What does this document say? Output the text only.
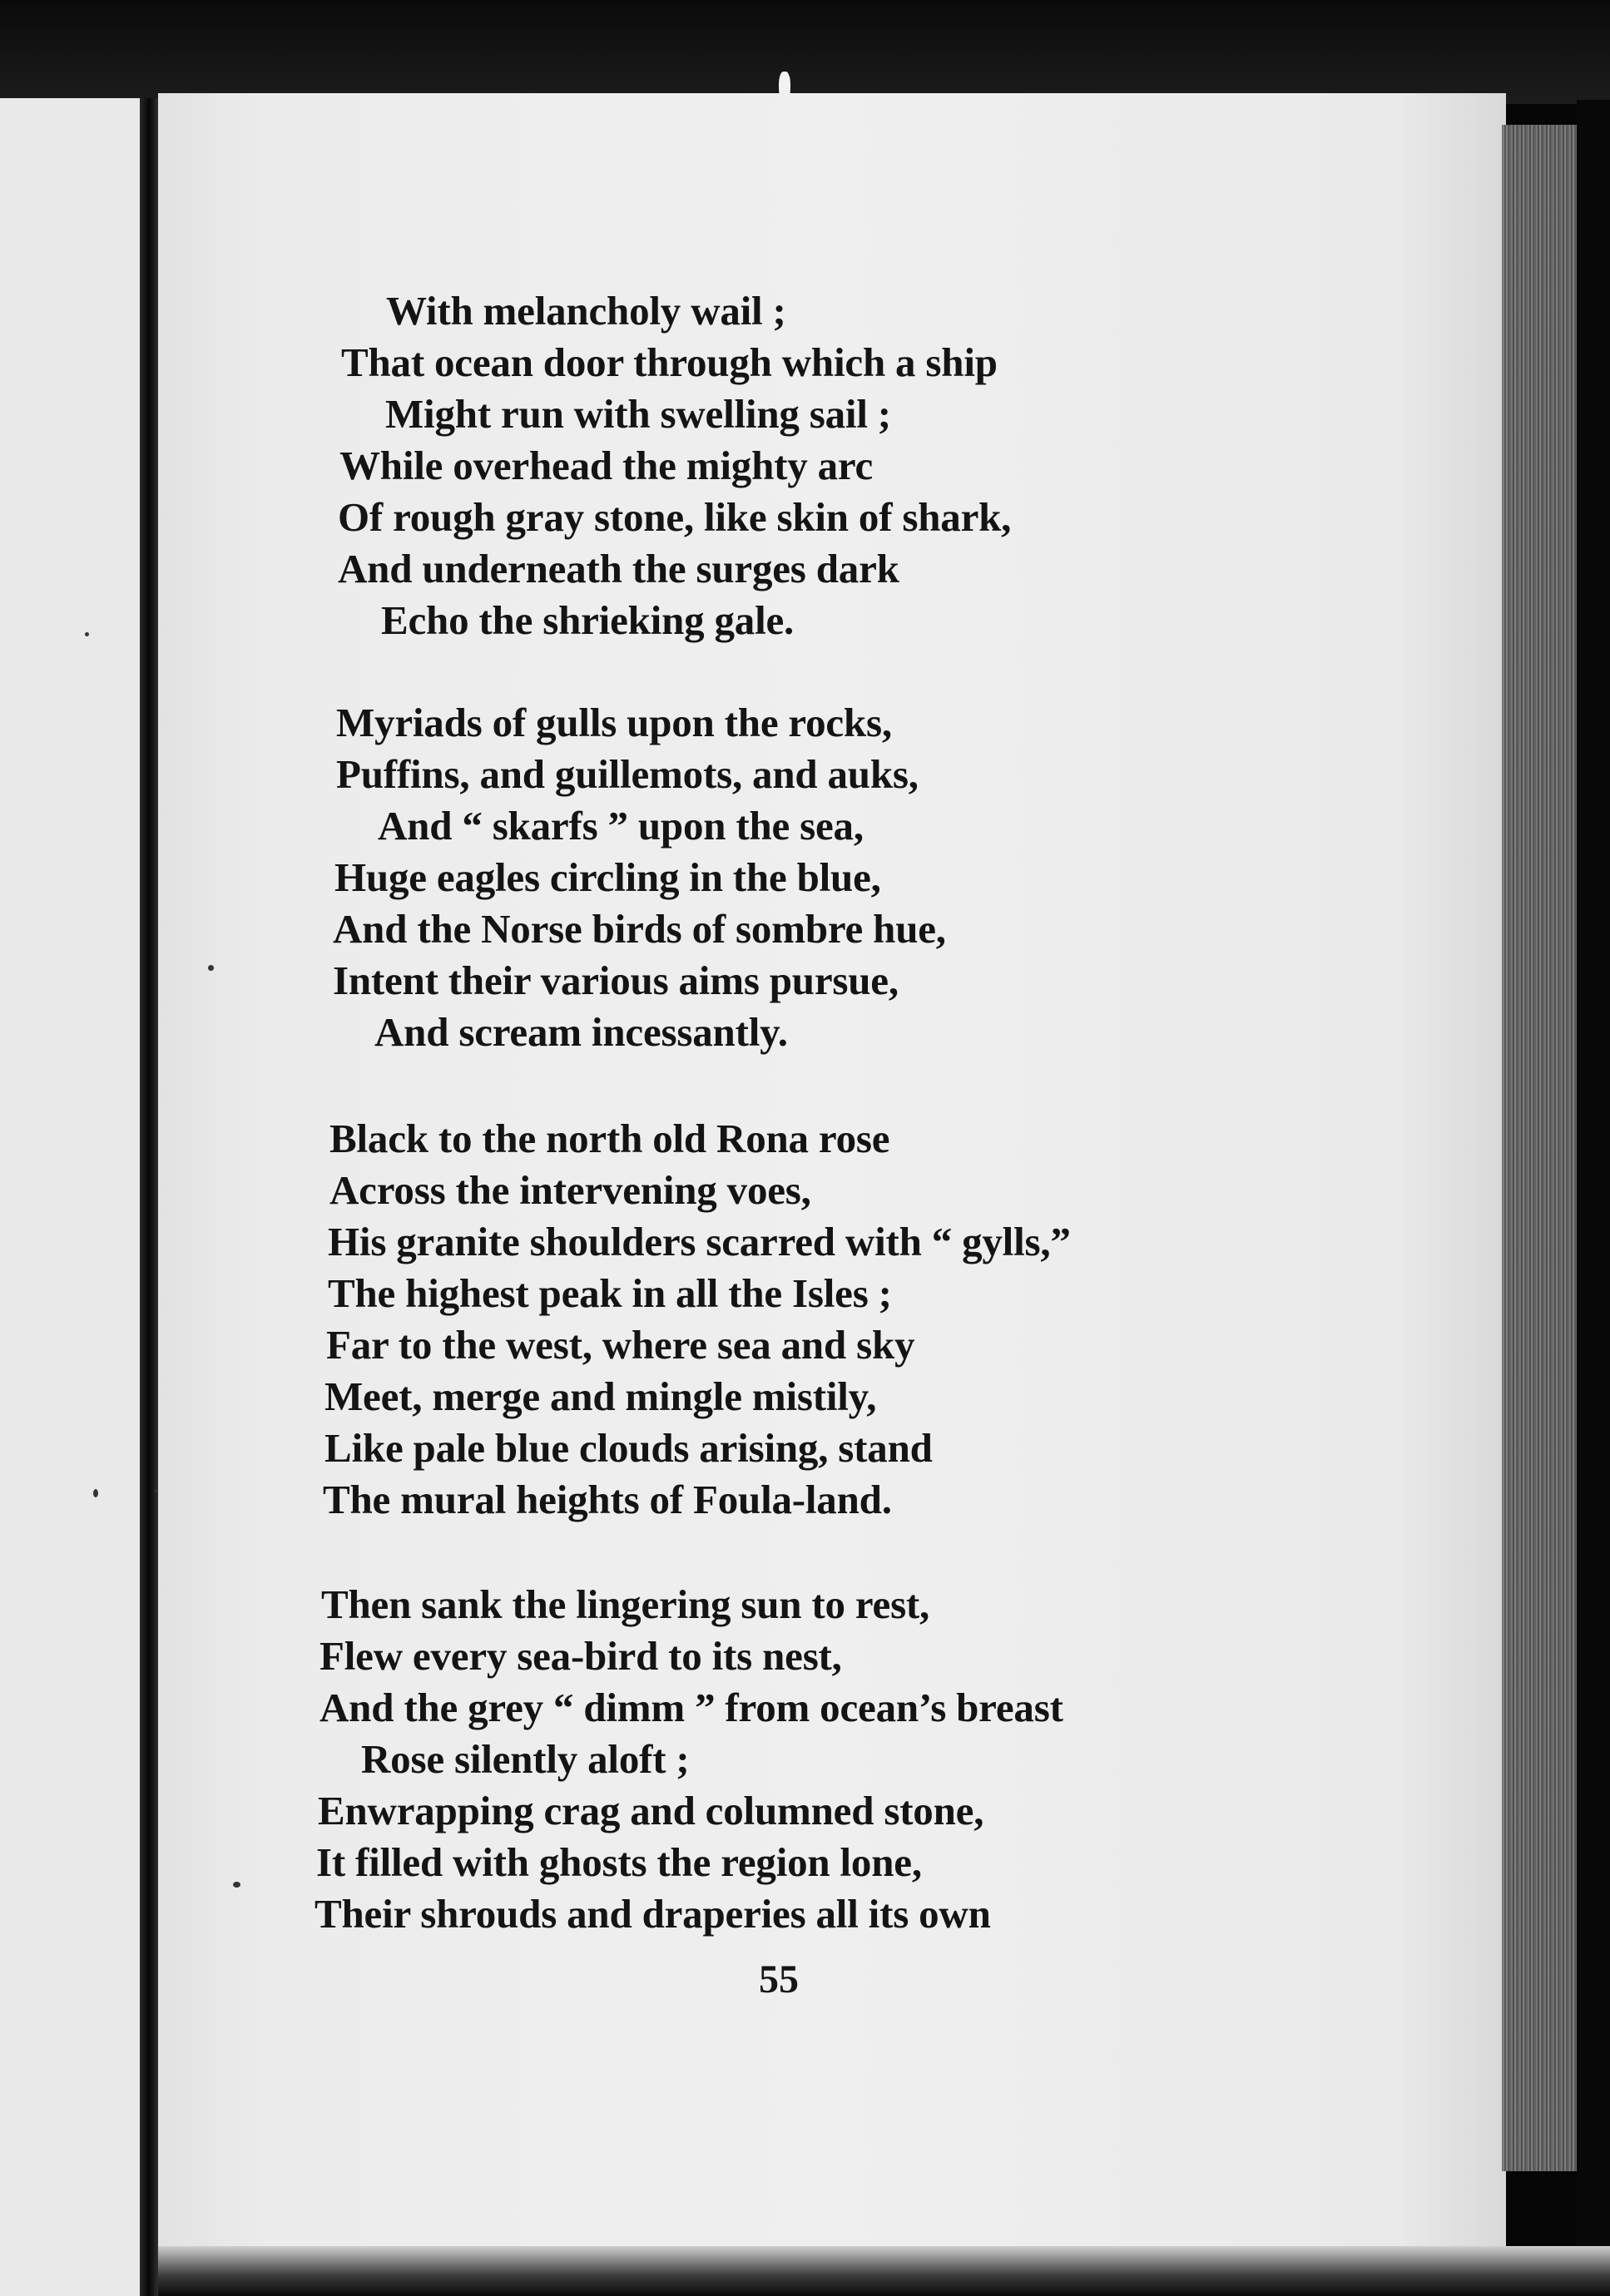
With melancholy wail ;
That ocean door through which a ship
Might run with swelling sail ;
While overhead the mighty arc
Of rough gray stone, like skin of shark,
And underneath the surges dark
Echo the shrieking gale.
Myriads of gulls upon the rocks,
Puffins, and guillemots, and auks,
And “ skarfs ” upon the sea,
Huge eagles circling in the blue,
And the Norse birds of sombre hue,
Intent their various aims pursue,
And scream incessantly.
Black to the north old Rona rose
Across the intervening voes,
His granite shoulders scarred with “ gylls,”
The highest peak in all the Isles ;
Far to the west, where sea and sky
Meet, merge and mingle mistily,
Like pale blue clouds arising, stand
The mural heights of Foula-land.
Then sank the lingering sun to rest,
Flew every sea-bird to its nest,
And the grey “ dimm ” from ocean’s breast
Rose silently aloft ;
Enwrapping crag and columned stone,
It filled with ghosts the region lone,
Their shrouds and draperies all its own
55
